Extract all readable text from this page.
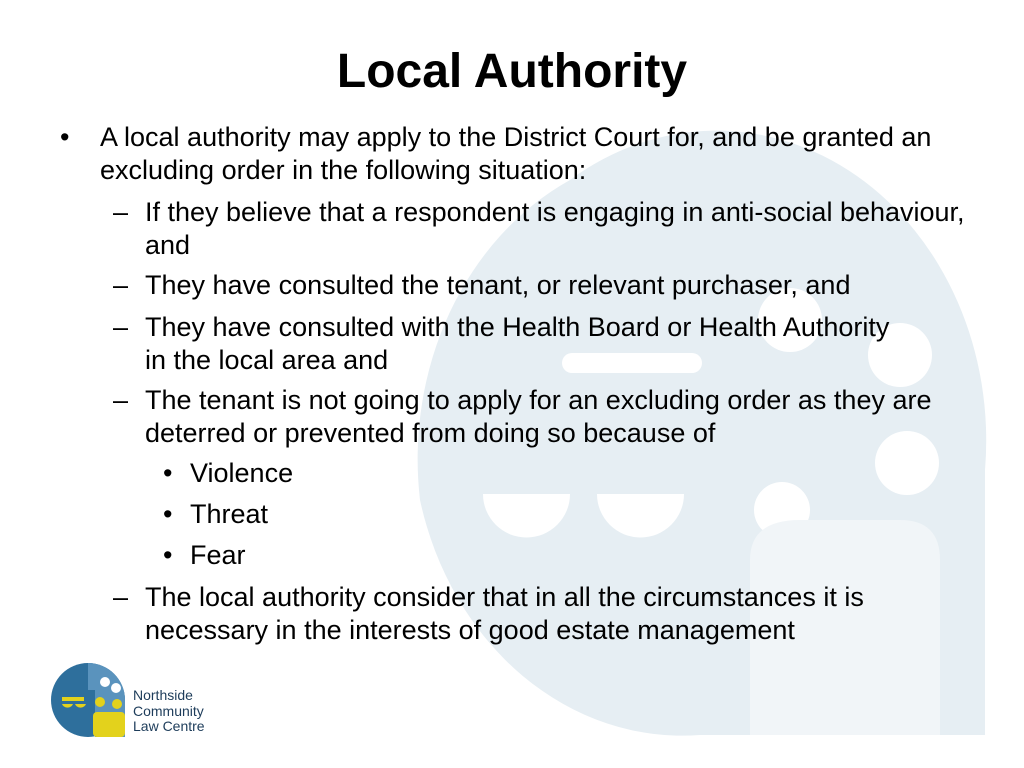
Local Authority
• A local authority may apply to the District Court for, and be granted an excluding order in the following situation:
– If they believe that a respondent is engaging in anti-social behaviour, and
– They have consulted the tenant, or relevant purchaser, and
– They have consulted with the Health Board or Health Authority in the local area and
– The tenant is not going to apply for an excluding order as they are deterred or prevented from doing so because of
• Violence
• Threat
• Fear
– The local authority consider that in all the circumstances it is necessary in the interests of good estate management
Northside
Community
Law Centre
